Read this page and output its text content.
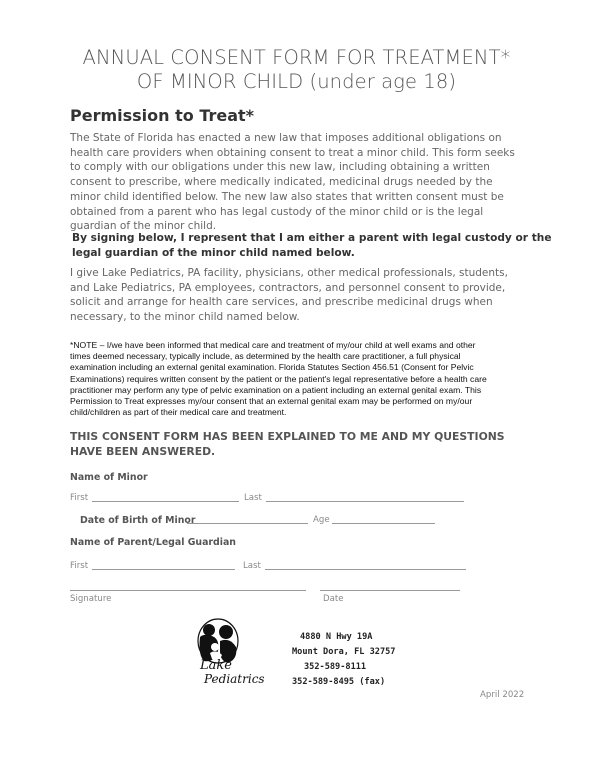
ANNUAL CONSENT FORM FOR TREATMENT*
OF MINOR CHILD (under age 18)
Permission to Treat*
The State of Florida has enacted a new law that imposes additional obligations on
health care providers when obtaining consent to treat a minor child. This form seeks
to comply with our obligations under this new law, including obtaining a written
consent to prescribe, where medically indicated, medicinal drugs needed by the
minor child identified below. The new law also states that written consent must be
obtained from a parent who has legal custody of the minor child or is the legal
guardian of the minor child.
By signing below, I represent that I am either a parent with legal custody or the
legal guardian of the minor child named below.
I give Lake Pediatrics, PA facility, physicians, other medical professionals, students,
and Lake Pediatrics, PA employees, contractors, and personnel consent to provide,
solicit and arrange for health care services, and prescribe medicinal drugs when
necessary, to the minor child named below.
*NOTE – I/we have been informed that medical care and treatment of my/our child at well exams and other
times deemed necessary, typically include, as determined by the health care practitioner, a full physical
examination including an external genital examination. Florida Statutes Section 456.51 (Consent for Pelvic
Examinations) requires written consent by the patient or the patient's legal representative before a health care
practitioner may perform any type of pelvic examination on a patient including an external genital exam. This
Permission to Treat expresses my/our consent that an external genital exam may be performed on my/our
child/children as part of their medical care and treatment.
THIS CONSENT FORM HAS BEEN EXPLAINED TO ME AND MY QUESTIONS
HAVE BEEN ANSWERED.
Name of Minor
First	Last
Date of Birth of Minor	Age
Name of Parent/Legal Guardian
First	Last
Signature	Date
Lake
Pediatrics
4880 N Hwy 19A
Mount Dora, FL 32757
352-589-8111
352-589-8495 (fax)
April 2022
